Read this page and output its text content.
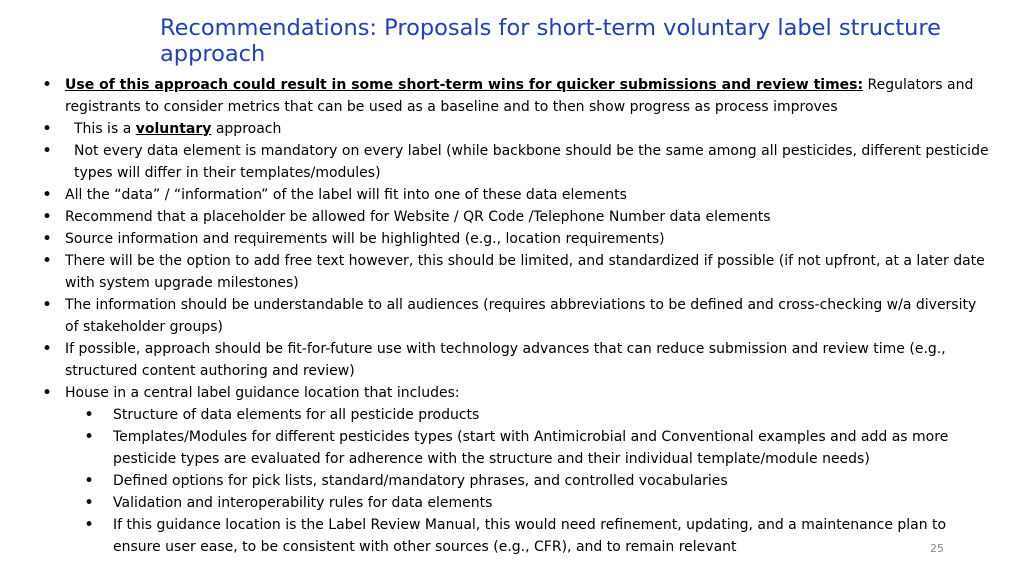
Recommendations: Proposals for short-term voluntary label structure approach
• Use of this approach could result in some short-term wins for quicker submissions and review times: Regulators and registrants to consider metrics that can be used as a baseline and to then show progress as process improves
• This is a voluntary approach
• Not every data element is mandatory on every label (while backbone should be the same among all pesticides, different pesticide types will differ in their templates/modules)
• All the “data” / “information” of the label will fit into one of these data elements
• Recommend that a placeholder be allowed for Website / QR Code /Telephone Number data elements
• Source information and requirements will be highlighted (e.g., location requirements)
• There will be the option to add free text however, this should be limited, and standardized if possible (if not upfront, at a later date with system upgrade milestones)
• The information should be understandable to all audiences (requires abbreviations to be defined and cross-checking w/a diversity of stakeholder groups)
• If possible, approach should be fit-for-future use with technology advances that can reduce submission and review time (e.g., structured content authoring and review)
• House in a central label guidance location that includes:
• Structure of data elements for all pesticide products
• Templates/Modules for different pesticides types (start with Antimicrobial and Conventional examples and add as more pesticide types are evaluated for adherence with the structure and their individual template/module needs)
• Defined options for pick lists, standard/mandatory phrases, and controlled vocabularies
• Validation and interoperability rules for data elements
• If this guidance location is the Label Review Manual, this would need refinement, updating, and a maintenance plan to ensure user ease, to be consistent with other sources (e.g., CFR), and to remain relevant	25
